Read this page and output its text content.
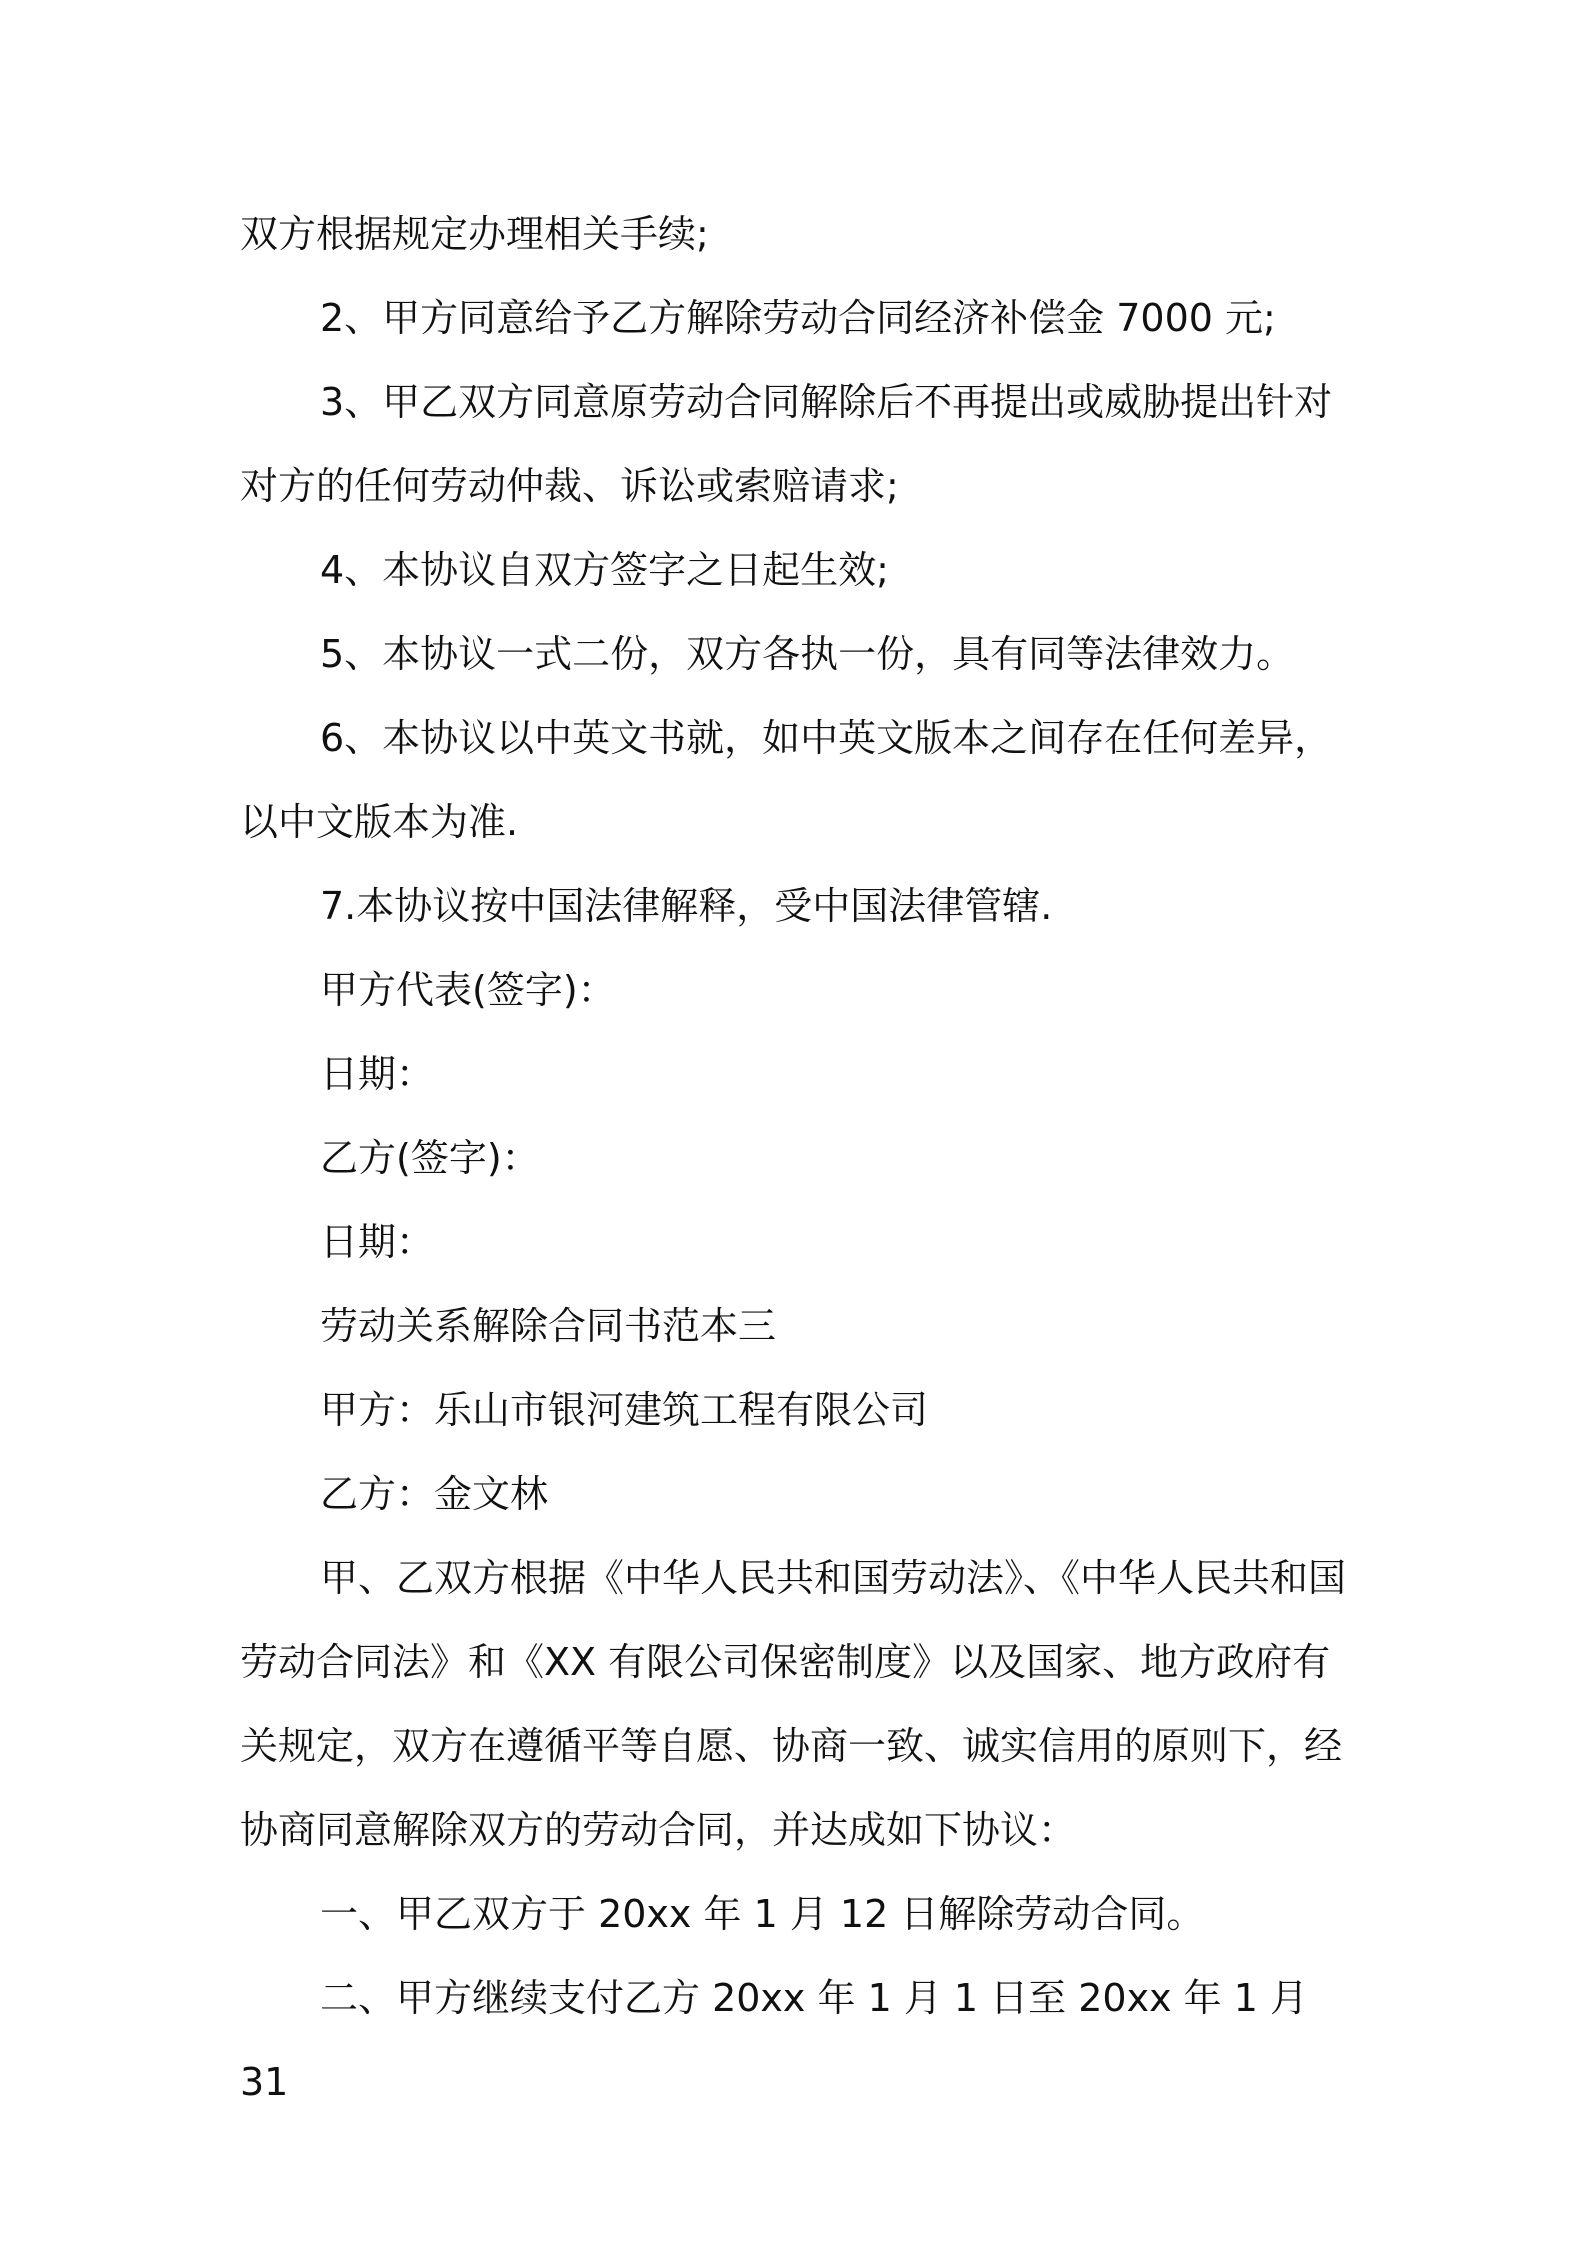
双方根据规定办理相关手续;

2、甲方同意给予乙方解除劳动合同经济补偿金 7000 元;

3、甲乙双方同意原劳动合同解除后不再提出或威胁提出针对对方的任何劳动仲裁、诉讼或索赔请求;

4、本协议自双方签字之日起生效;

5、本协议一式二份，双方各执一份，具有同等法律效力。

6、本协议以中英文书就，如中英文版本之间存在任何差异，以中文版本为准.

7.本协议按中国法律解释，受中国法律管辖.

甲方代表(签字)：

日期：

乙方(签字)：

日期：

劳动关系解除合同书范本三

甲方：乐山市银河建筑工程有限公司

乙方：金文林

甲、乙双方根据《中华人民共和国劳动法》、《中华人民共和国劳动合同法》和《XX 有限公司保密制度》以及国家、地方政府有关规定，双方在遵循平等自愿、协商一致、诚实信用的原则下，经协商同意解除双方的劳动合同，并达成如下协议：

一、甲乙双方于 20xx 年 1 月 12 日解除劳动合同。

二、甲方继续支付乙方 20xx 年 1 月 1 日至 20xx 年 1 月 31
